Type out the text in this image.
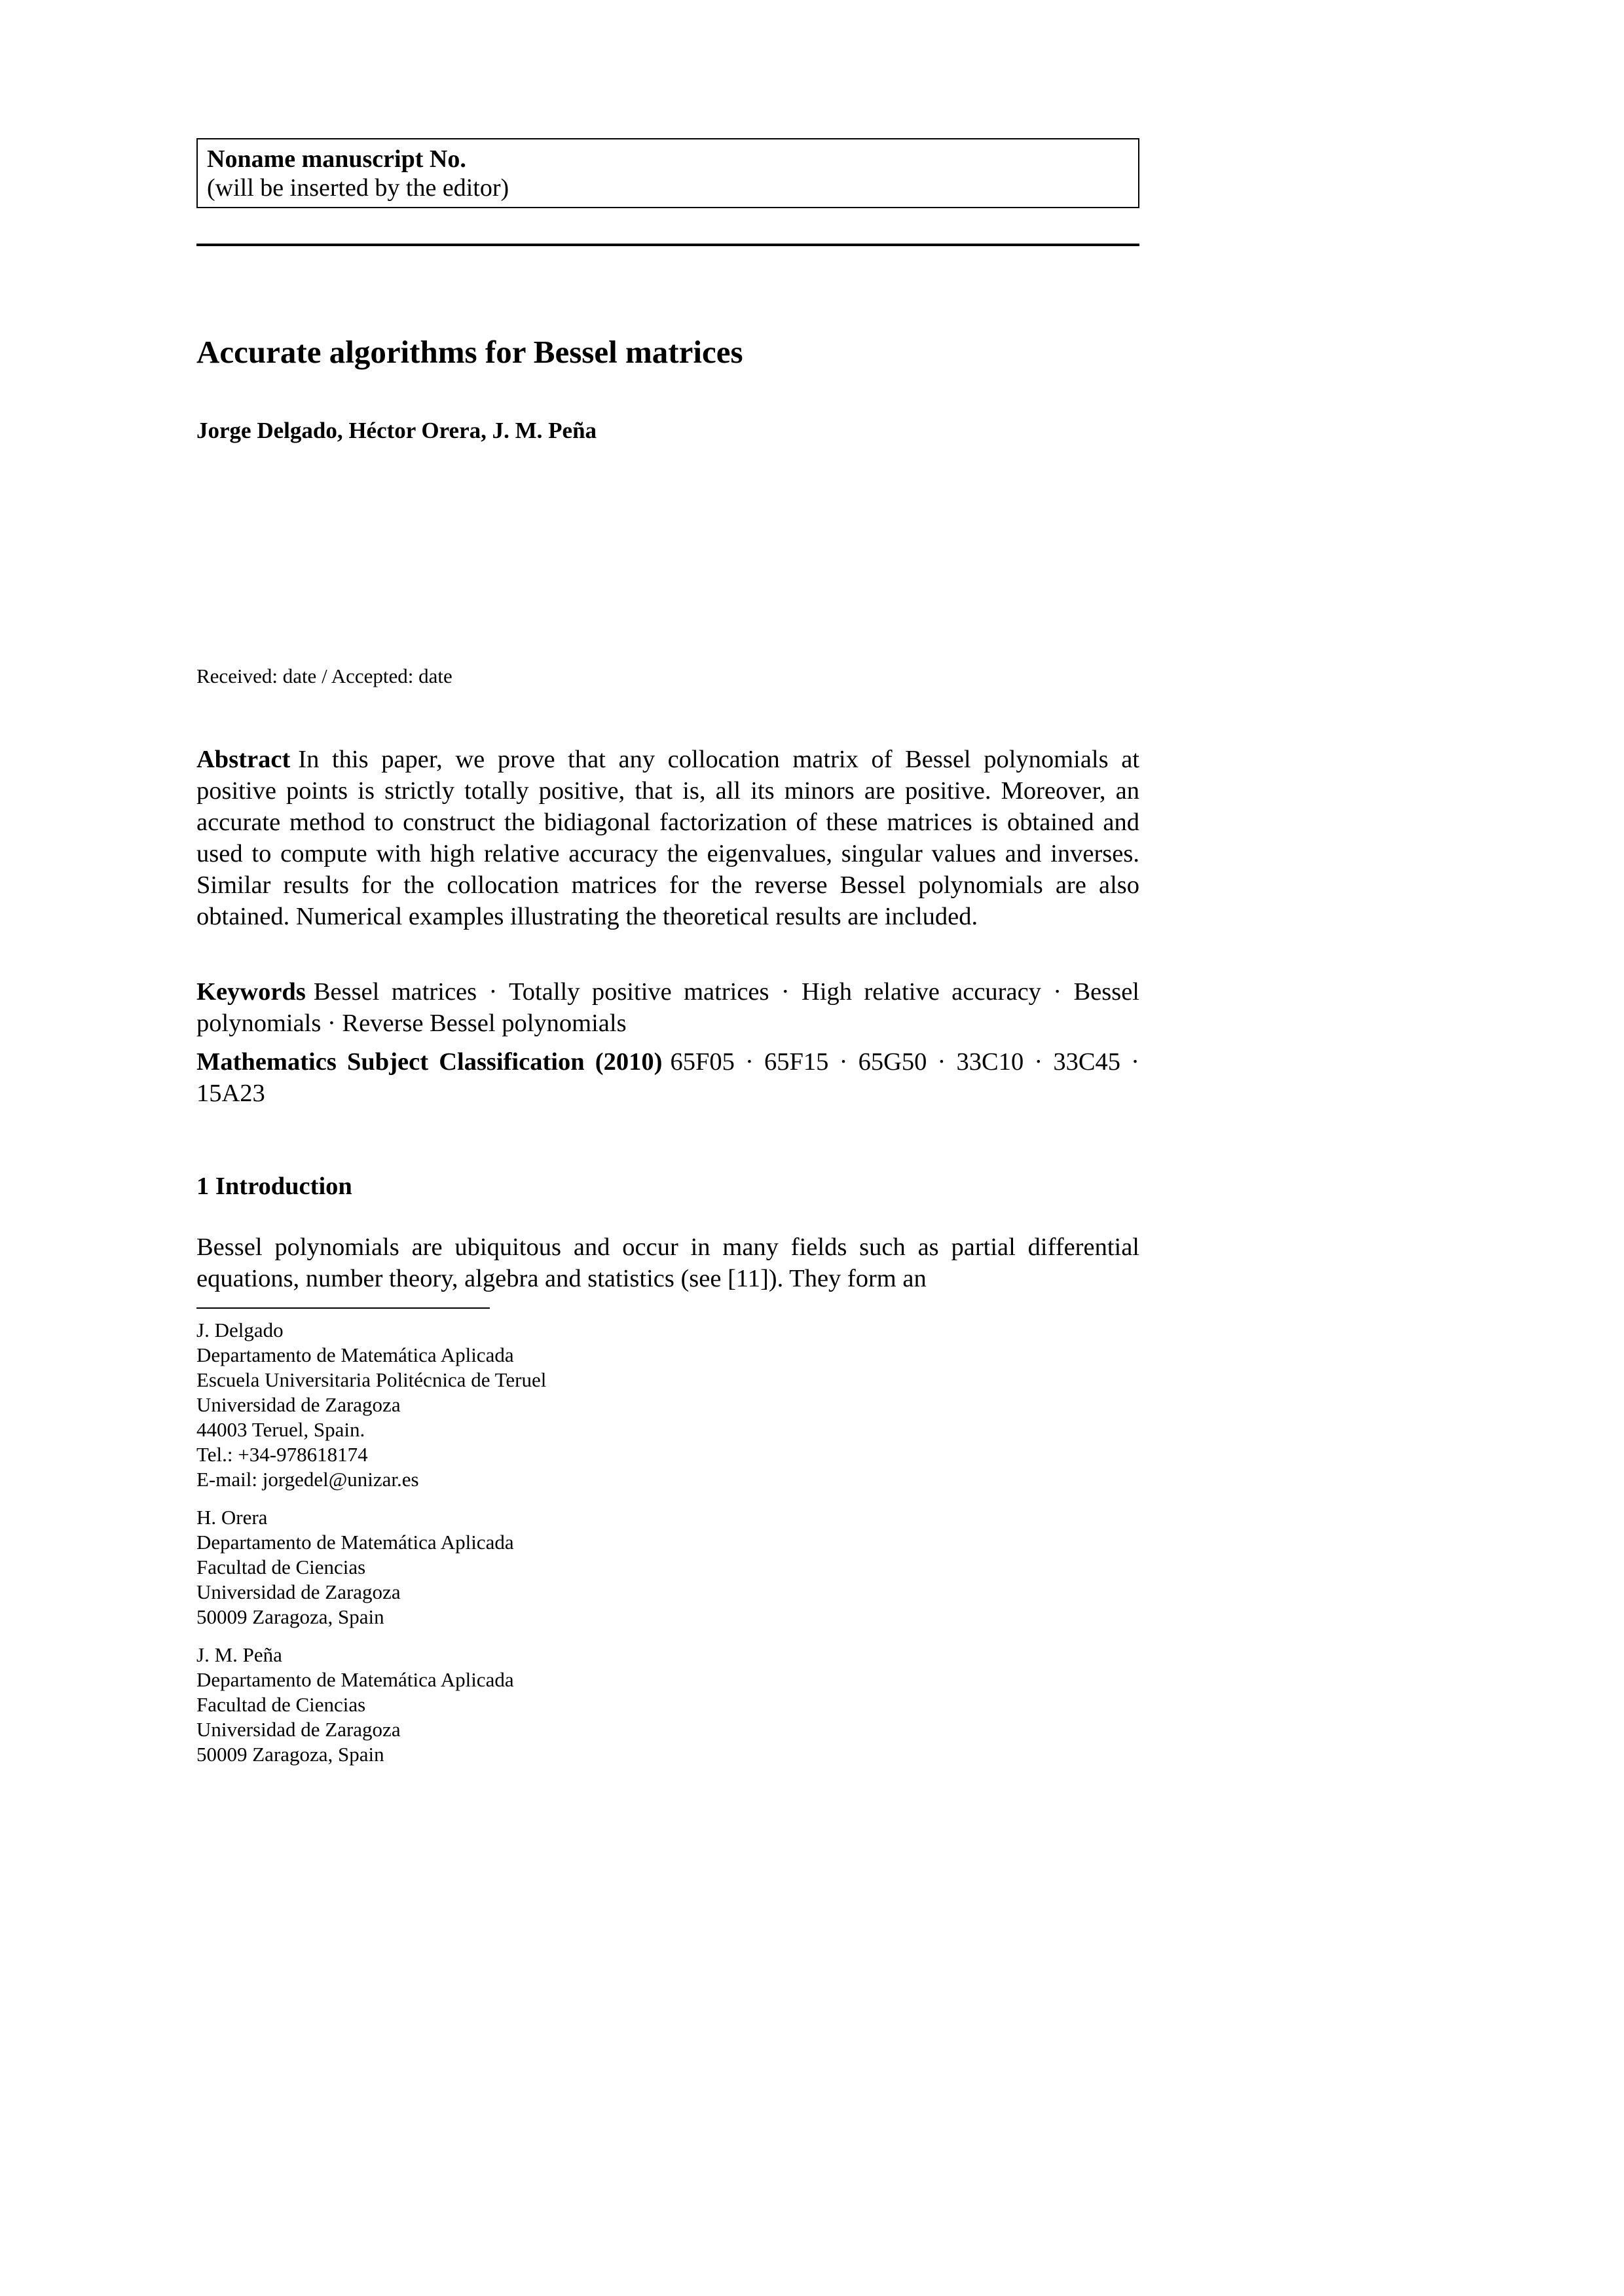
Noname manuscript No.
(will be inserted by the editor)
Accurate algorithms for Bessel matrices
Jorge Delgado, Héctor Orera, J. M. Peña
Received: date / Accepted: date
Abstract In this paper, we prove that any collocation matrix of Bessel polynomials at positive points is strictly totally positive, that is, all its minors are positive. Moreover, an accurate method to construct the bidiagonal factorization of these matrices is obtained and used to compute with high relative accuracy the eigenvalues, singular values and inverses. Similar results for the collocation matrices for the reverse Bessel polynomials are also obtained. Numerical examples illustrating the theoretical results are included.
Keywords Bessel matrices · Totally positive matrices · High relative accuracy · Bessel polynomials · Reverse Bessel polynomials
Mathematics Subject Classification (2010) 65F05 · 65F15 · 65G50 · 33C10 · 33C45 · 15A23
1 Introduction
Bessel polynomials are ubiquitous and occur in many fields such as partial differential equations, number theory, algebra and statistics (see [11]). They form an
J. Delgado
Departamento de Matemática Aplicada
Escuela Universitaria Politécnica de Teruel
Universidad de Zaragoza
44003 Teruel, Spain.
Tel.: +34-978618174
E-mail: jorgedel@unizar.es
H. Orera
Departamento de Matemática Aplicada
Facultad de Ciencias
Universidad de Zaragoza
50009 Zaragoza, Spain
J. M. Peña
Departamento de Matemática Aplicada
Facultad de Ciencias
Universidad de Zaragoza
50009 Zaragoza, Spain
